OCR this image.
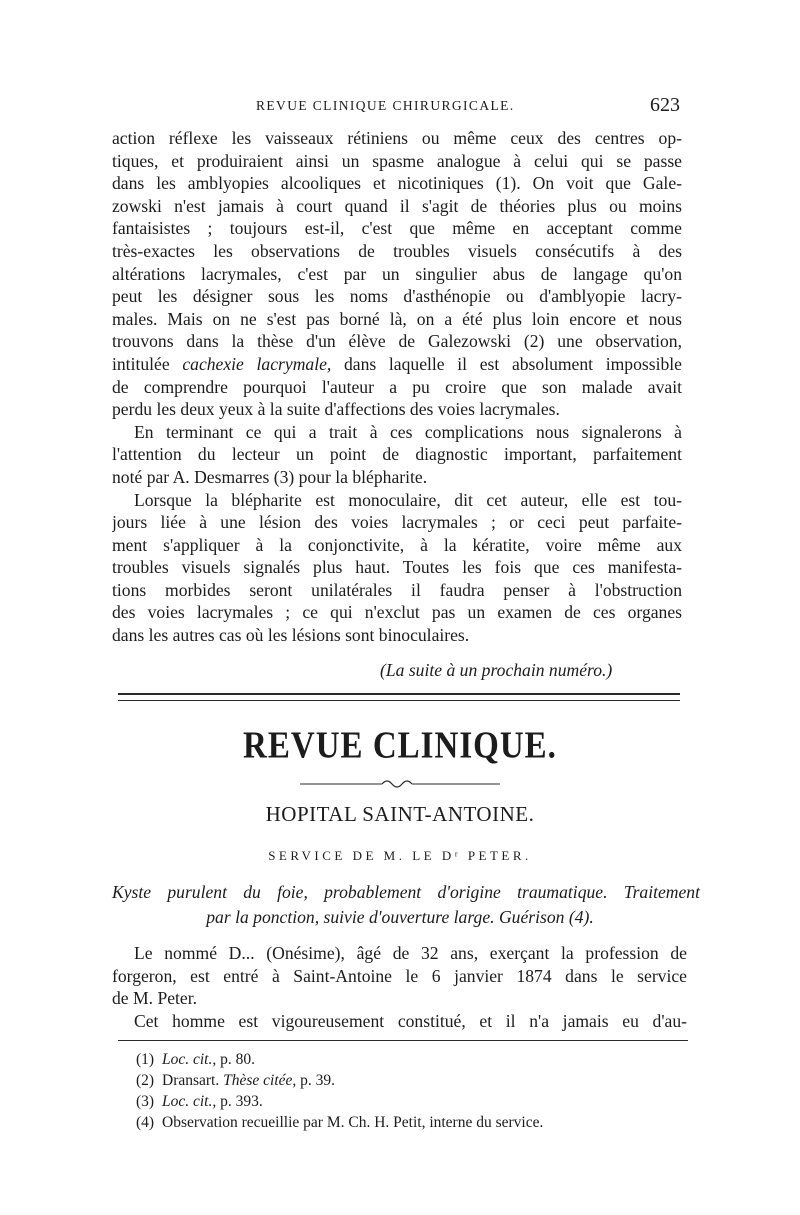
REVUE CLINIQUE CHIRURGICALE.	623
action réflexe les vaisseaux rétiniens ou même ceux des centres op-
tiques, et produiraient ainsi un spasme analogue à celui qui se passe
dans les amblyopies alcooliques et nicotiniques (1). On voit que Gale-
zowski n'est jamais à court quand il s'agit de théories plus ou moins
fantaisistes ; toujours est-il, c'est que même en acceptant comme
très-exactes les observations de troubles visuels consécutifs à des
altérations lacrymales, c'est par un singulier abus de langage qu'on
peut les désigner sous les noms d'asthénopie ou d'amblyopie lacry-
males. Mais on ne s'est pas borné là, on a été plus loin encore et nous
trouvons dans la thèse d'un élève de Galezowski (2) une observation,
intitulée cachexie lacrymale, dans laquelle il est absolument impossible
de comprendre pourquoi l'auteur a pu croire que son malade avait
perdu les deux yeux à la suite d'affections des voies lacrymales.
En terminant ce qui a trait à ces complications nous signalerons à
l'attention du lecteur un point de diagnostic important, parfaitement
noté par A. Desmarres (3) pour la blépharite.
Lorsque la blépharite est monoculaire, dit cet auteur, elle est tou-
jours liée à une lésion des voies lacrymales ; or ceci peut parfaite-
ment s'appliquer à la conjonctivite, à la kératite, voire même aux
troubles visuels signalés plus haut. Toutes les fois que ces manifesta-
tions morbides seront unilatérales il faudra penser à l'obstruction
des voies lacrymales ; ce qui n'exclut pas un examen de ces organes
dans les autres cas où les lésions sont binoculaires.
(La suite à un prochain numéro.)
REVUE CLINIQUE.
HOPITAL SAINT-ANTOINE.
SERVICE DE M. LE Dʳ PETER.
Kyste purulent du foie, probablement d'origine traumatique. Traitement
par la ponction, suivie d'ouverture large. Guérison (4).
Le nommé D... (Onésime), âgé de 32 ans, exerçant la profession de
forgeron, est entré à Saint-Antoine le 6 janvier 1874 dans le service
de M. Peter.
Cet homme est vigoureusement constitué, et il n'a jamais eu d'au-
(1) Loc. cit., p. 80.
(2) Dransart. Thèse citée, p. 39.
(3) Loc. cit., p. 393.
(4) Observation recueillie par M. Ch. H. Petit, interne du service.
